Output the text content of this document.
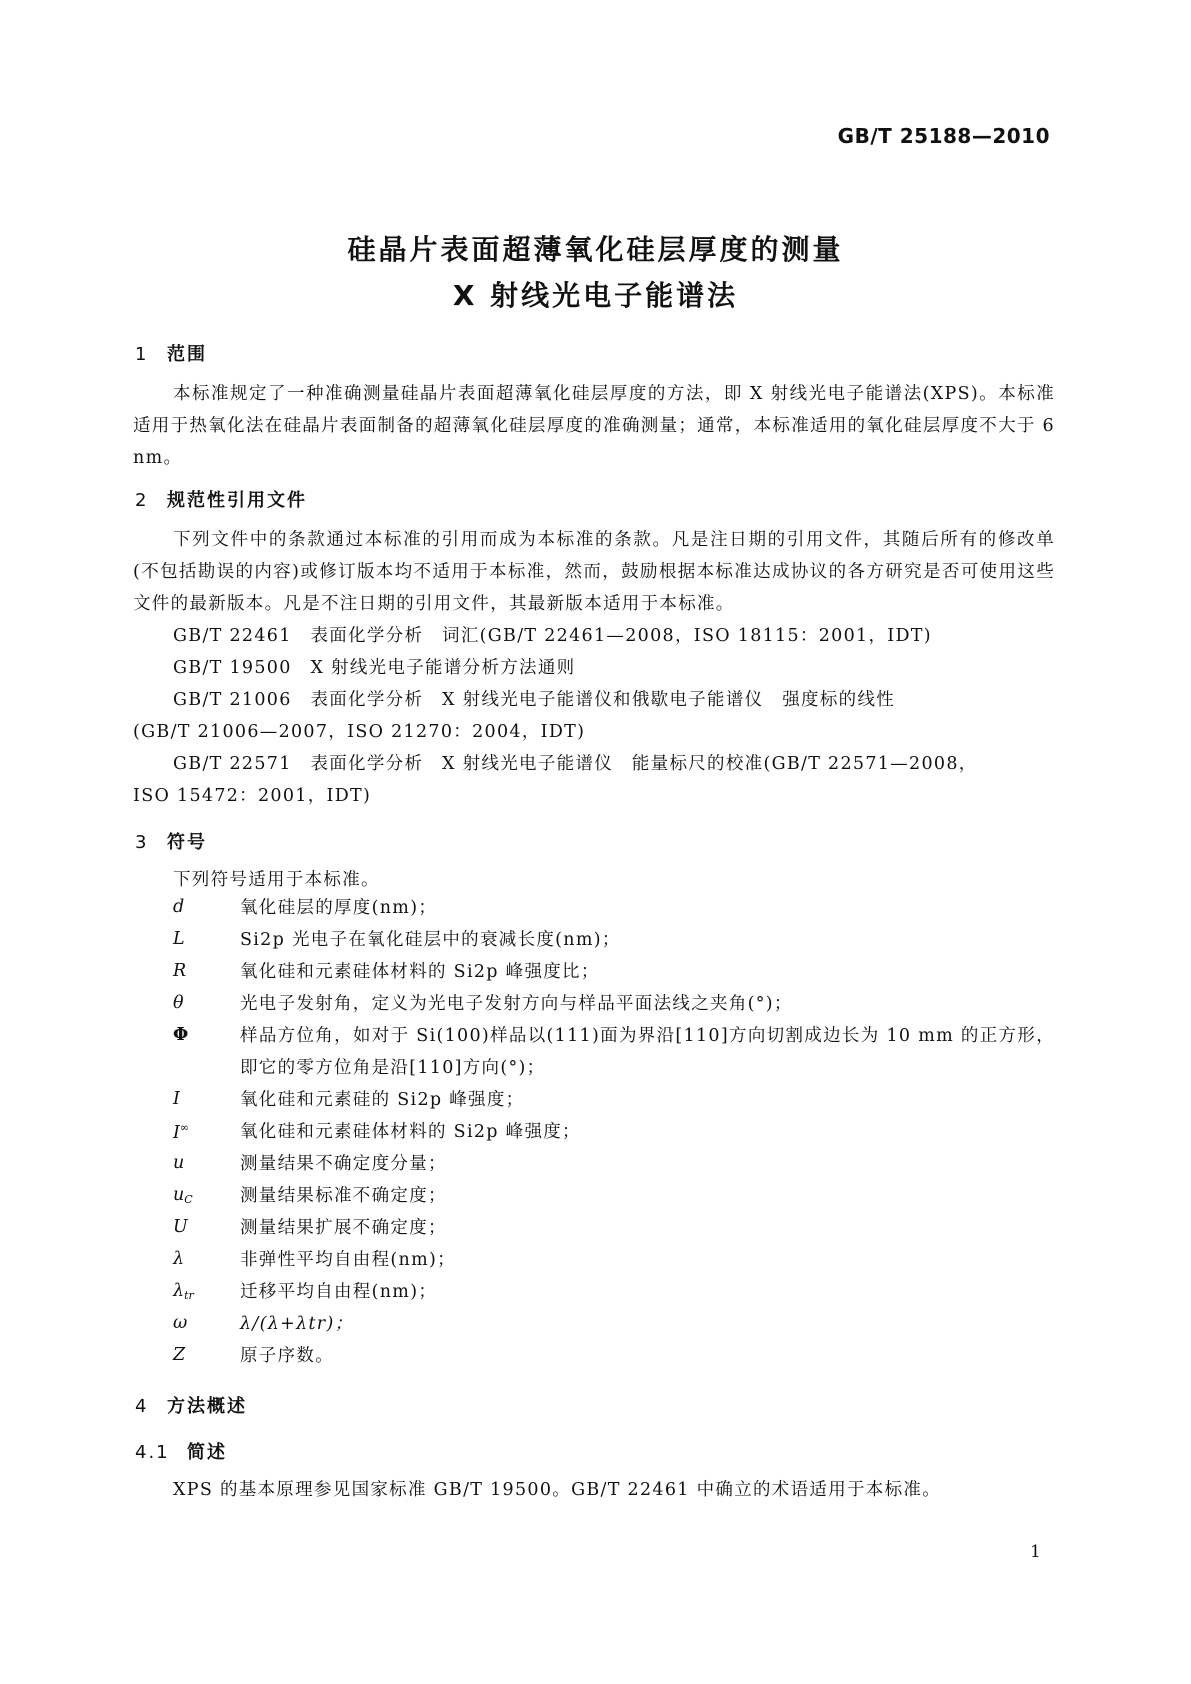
GB/T 25188—2010
硅晶片表面超薄氧化硅层厚度的测量
X 射线光电子能谱法
1 范围

本标准规定了一种准确测量硅晶片表面超薄氧化硅层厚度的方法，即 X 射线光电子能谱法(XPS)。本标准适用于热氧化法在硅晶片表面制备的超薄氧化硅层厚度的准确测量；通常，本标准适用的氧化硅层厚度不大于 6 nm。

2 规范性引用文件

下列文件中的条款通过本标准的引用而成为本标准的条款。凡是注日期的引用文件，其随后所有的修改单(不包括勘误的内容)或修订版本均不适用于本标准，然而，鼓励根据本标准达成协议的各方研究是否可使用这些文件的最新版本。凡是不注日期的引用文件，其最新版本适用于本标准。

GB/T 22461　表面化学分析　词汇(GB/T 22461—2008，ISO 18115：2001，IDT)
GB/T 19500　X 射线光电子能谱分析方法通则
GB/T 21006　表面化学分析　X 射线光电子能谱仪和俄歇电子能谱仪　强度标的线性
(GB/T 21006—2007，ISO 21270：2004，IDT)
GB/T 22571　表面化学分析　X 射线光电子能谱仪　能量标尺的校准(GB/T 22571—2008，
ISO 15472：2001，IDT)
3 符号
下列符号适用于本标准。
d	氧化硅层的厚度(nm)；
L	Si2p 光电子在氧化硅层中的衰减长度(nm)；
R	氧化硅和元素硅体材料的 Si2p 峰强度比；
θ	光电子发射角，定义为光电子发射方向与样品平面法线之夹角(°)；
Φ	样品方位角，如对于 Si(100)样品以(111)面为界沿[110]方向切割成边长为 10 mm 的正方形，即它的零方位角是沿[110]方向(°)；
I	氧化硅和元素硅的 Si2p 峰强度；
I∞	氧化硅和元素硅体材料的 Si2p 峰强度；
u	测量结果不确定度分量；
$u_C$	测量结果标准不确定度；
U	测量结果扩展不确定度；
λ	非弹性平均自由程(nm)；
$\lambda_{tr}$	迁移平均自由程(nm)；
ω	λ/(λ+λtr)；
Z	原子序数。
4 方法概述
4.1 简述
XPS 的基本原理参见国家标准 GB/T 19500。GB/T 22461 中确立的术语适用于本标准。
1
